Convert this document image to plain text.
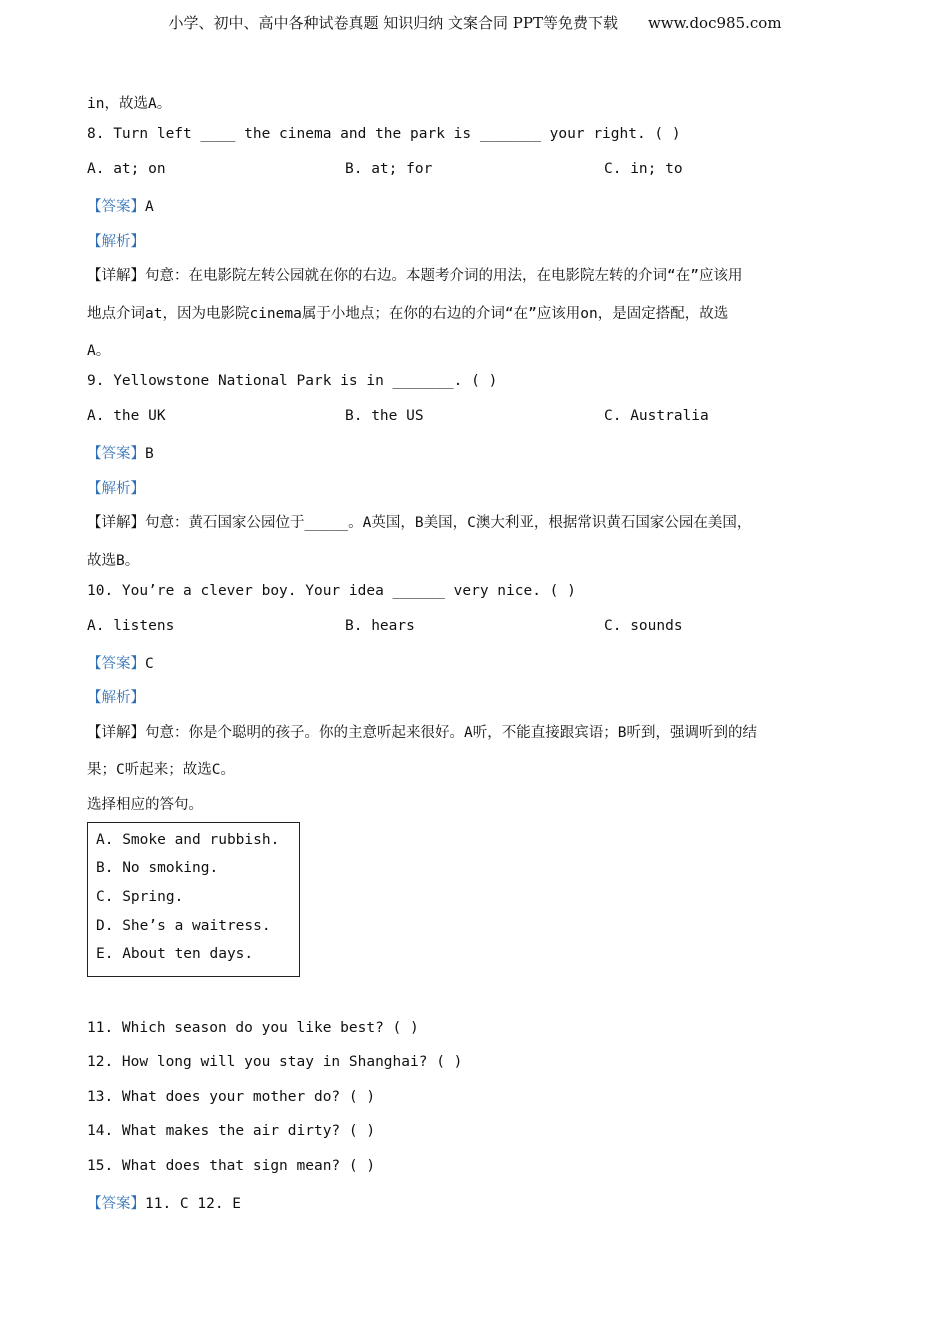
小学、初中、高中各种试卷真题 知识归纳 文案合同 PPT等免费下载　　www.doc985.com
in，故选A。
8. Turn left ____ the cinema and the park is _______ your right. ( )
A. at; on	B. at; for	C. in; to
【答案】A
【解析】
【详解】句意：在电影院左转公园就在你的右边。本题考介词的用法，在电影院左转的介词“在”应该用
地点介词at，因为电影院cinema属于小地点；在你的右边的介词“在”应该用on，是固定搭配，故选
A。
9. Yellowstone National Park is in _______. ( )
A. the UK	B. the US	C. Australia
【答案】B
【解析】
【详解】句意：黄石国家公园位于_____。A英国，B美国，C澳大利亚，根据常识黄石国家公园在美国，
故选B。
10. You’re a clever boy. Your idea ______ very nice. ( )
A. listens	B. hears	C. sounds
【答案】C
【解析】
【详解】句意：你是个聪明的孩子。你的主意听起来很好。A听，不能直接跟宾语；B听到，强调听到的结
果；C听起来；故选C。
选择相应的答句。
A. Smoke and rubbish.
B. No smoking.
C. Spring.
D. She’s a waitress.
E. About ten days.
11. Which season do you like best? ( )
12. How long will you stay in Shanghai? ( )
13. What does your mother do? ( )
14. What makes the air dirty? ( )
15. What does that sign mean? ( )
【答案】11. C 12. E
